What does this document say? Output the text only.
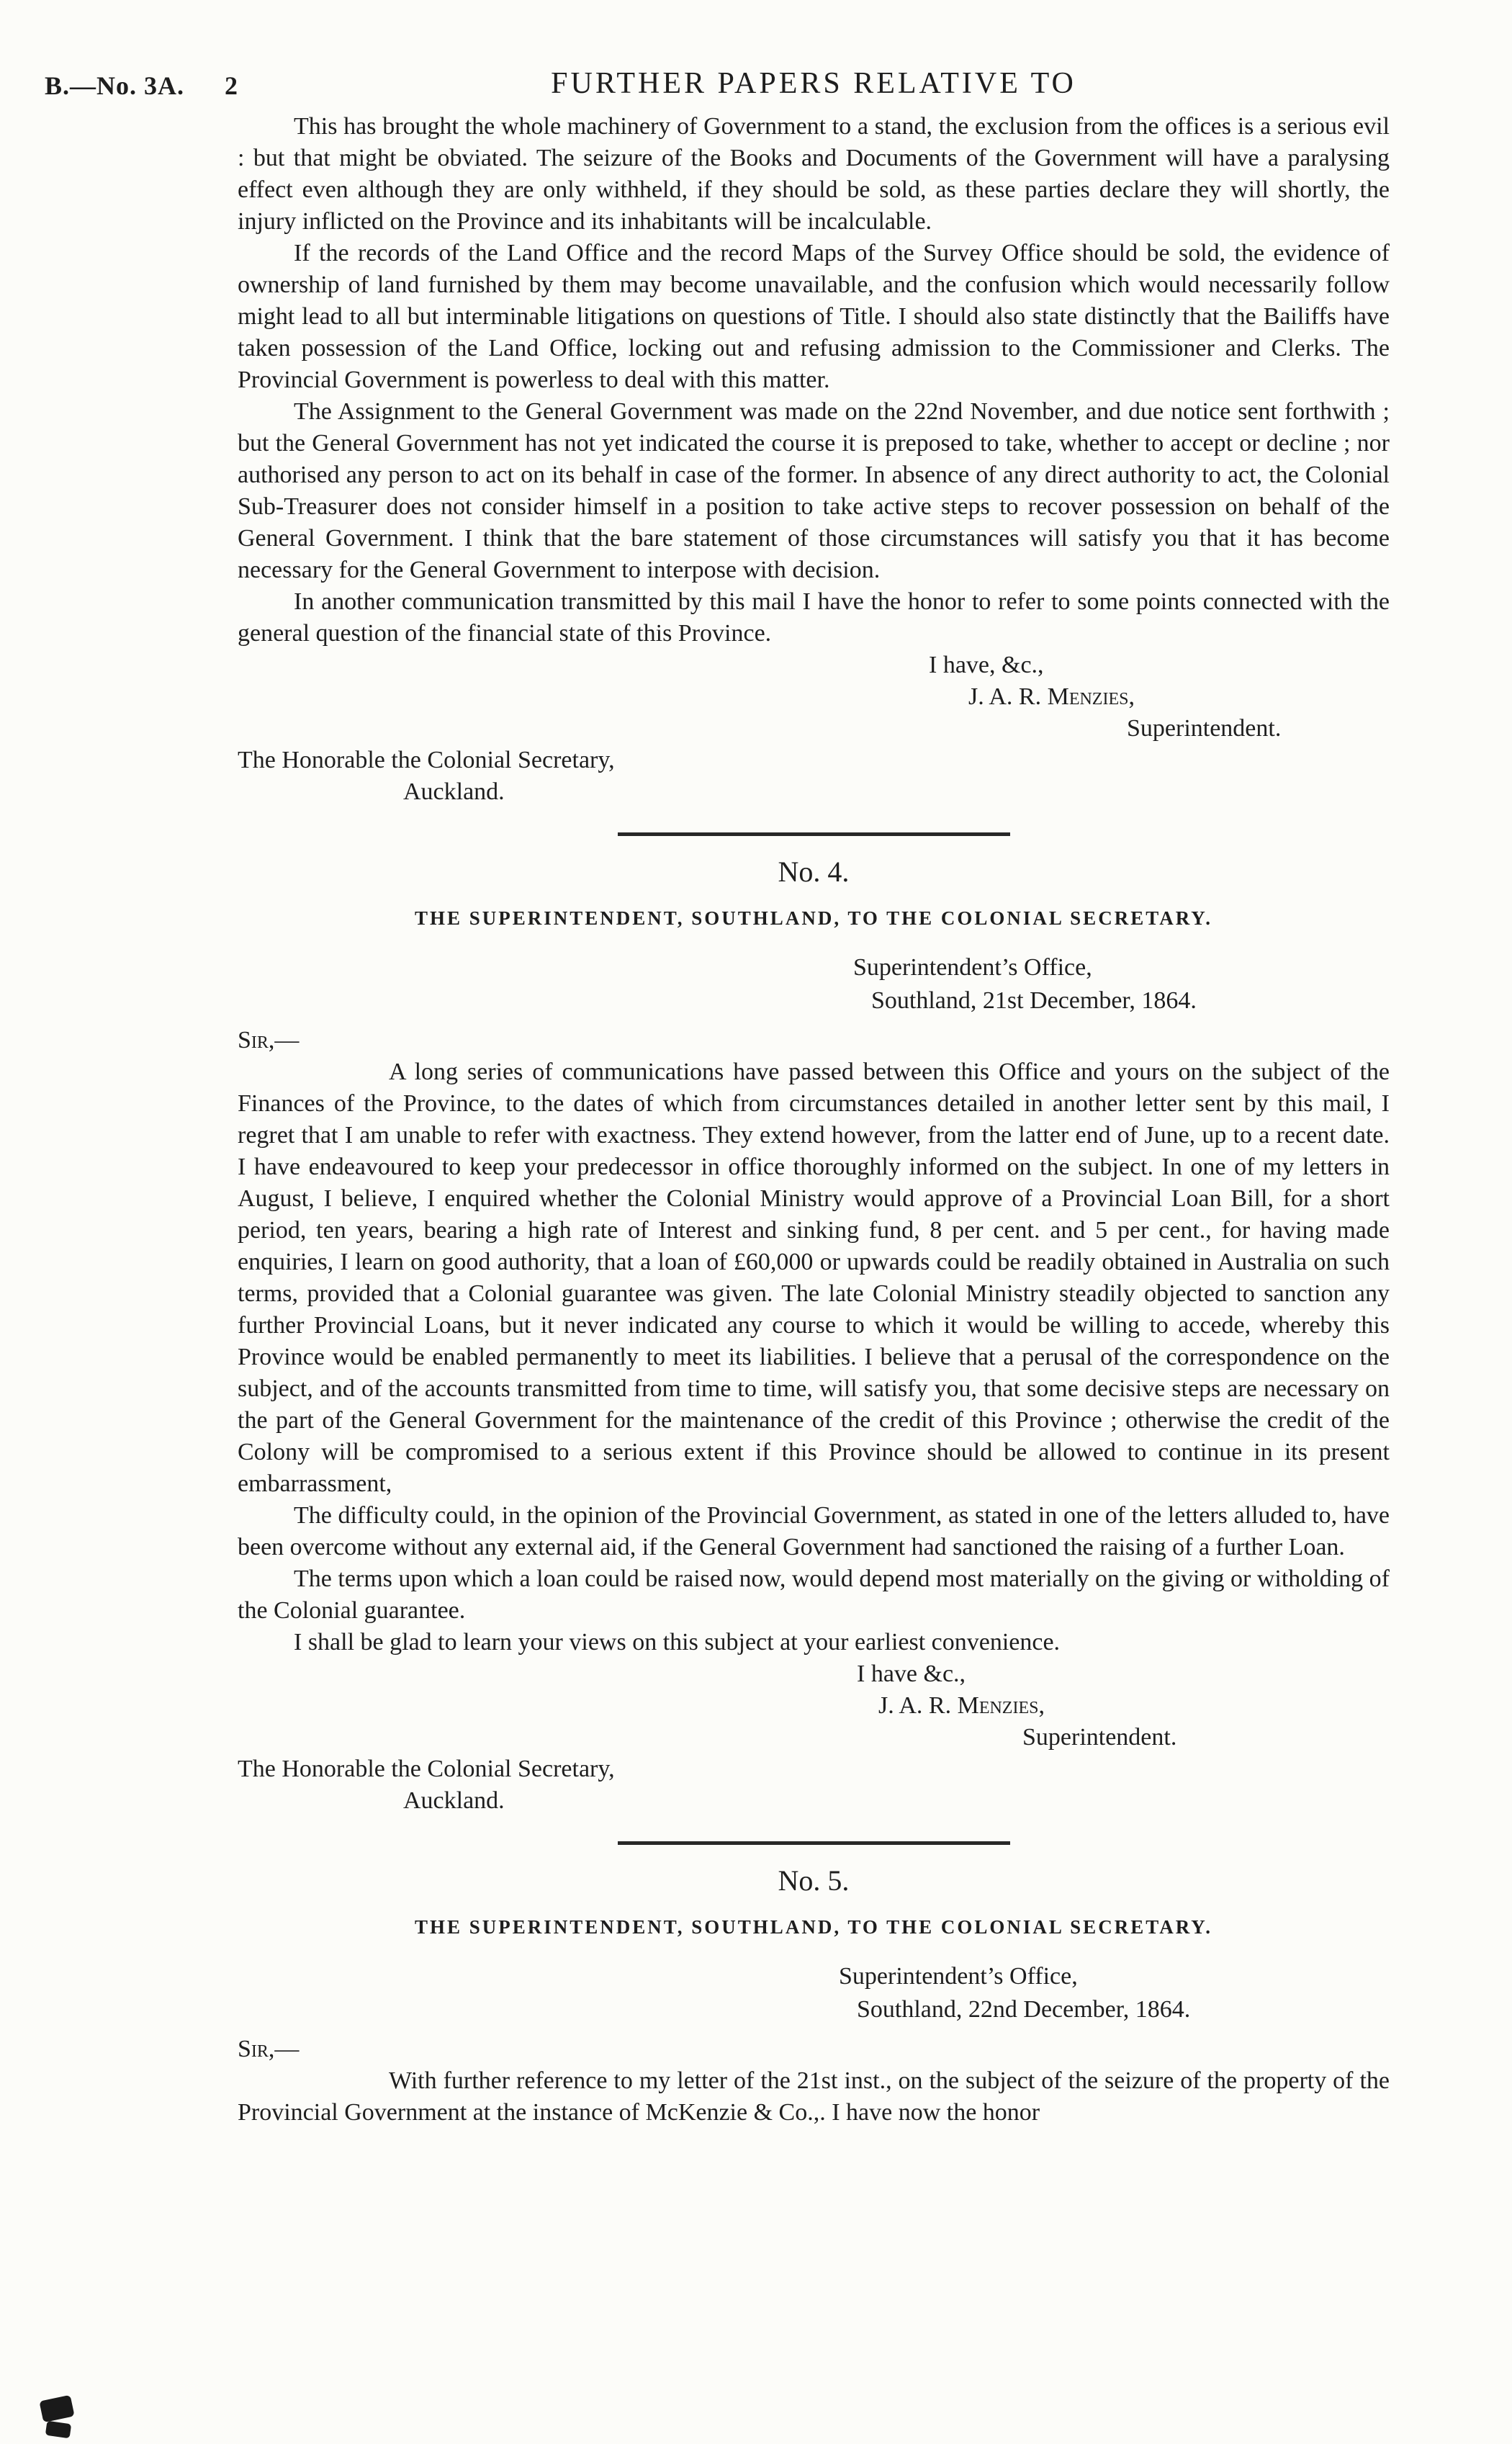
B.—No. 3A. 2	FURTHER PAPERS RELATIVE TO

This has brought the whole machinery of Government to a stand, the exclusion from the offices is a serious evil : but that might be obviated. The seizure of the Books and Documents of the Government will have a paralysing effect even although they are only withheld, if they should be sold, as these parties declare they will shortly, the injury inflicted on the Province and its inhabitants will be incalculable.

If the records of the Land Office and the record Maps of the Survey Office should be sold, the evidence of ownership of land furnished by them may become unavailable, and the confusion which would necessarily follow might lead to all but interminable litigations on questions of Title. I should also state distinctly that the Bailiffs have taken possession of the Land Office, locking out and refusing admission to the Commissioner and Clerks. The Provincial Government is powerless to deal with this matter.

The Assignment to the General Government was made on the 22nd November, and due notice sent forthwith ; but the General Government has not yet indicated the course it is preposed to take, whether to accept or decline ; nor authorised any person to act on its behalf in case of the former. In absence of any direct authority to act, the Colonial Sub-Treasurer does not consider himself in a position to take active steps to recover possession on behalf of the General Government. I think that the bare statement of those circumstances will satisfy you that it has become necessary for the General Government to interpose with decision.

In another communication transmitted by this mail I have the honor to refer to some points connected with the general question of the financial state of this Province.

I have, &c.,
J. A. R. Menzies,
Superintendent.
The Honorable the Colonial Secretary,
Auckland.
No. 4.
THE SUPERINTENDENT, SOUTHLAND, TO THE COLONIAL SECRETARY.
Superintendent’s Office,
Southland, 21st December, 1864.
Sir,—

A long series of communications have passed between this Office and yours on the subject of the Finances of the Province, to the dates of which from circumstances detailed in another letter sent by this mail, I regret that I am unable to refer with exactness. They extend however, from the latter end of June, up to a recent date. I have endeavoured to keep your predecessor in office thoroughly informed on the subject. In one of my letters in August, I believe, I enquired whether the Colonial Ministry would approve of a Provincial Loan Bill, for a short period, ten years, bearing a high rate of Interest and sinking fund, 8 per cent. and 5 per cent., for having made enquiries, I learn on good authority, that a loan of £60,000 or upwards could be readily obtained in Australia on such terms, provided that a Colonial guarantee was given. The late Colonial Ministry steadily objected to sanction any further Provincial Loans, but it never indicated any course to which it would be willing to accede, whereby this Province would be enabled permanently to meet its liabilities. I believe that a perusal of the correspondence on the subject, and of the accounts transmitted from time to time, will satisfy you, that some decisive steps are necessary on the part of the General Government for the maintenance of the credit of this Province ; otherwise the credit of the Colony will be compromised to a serious extent if this Province should be allowed to continue in its present embarrassment,

The difficulty could, in the opinion of the Provincial Government, as stated in one of the letters alluded to, have been overcome without any external aid, if the General Government had sanctioned the raising of a further Loan.

The terms upon which a loan could be raised now, would depend most materially on the giving or witholding of the Colonial guarantee.

I shall be glad to learn your views on this subject at your earliest convenience.

I have &c.,
J. A. R. Menzies,
Superintendent.
The Honorable the Colonial Secretary,
Auckland.
No. 5.
THE SUPERINTENDENT, SOUTHLAND, TO THE COLONIAL SECRETARY.
Superintendent’s Office,
Southland, 22nd December, 1864.
Sir,—

With further reference to my letter of the 21st inst., on the subject of the seizure of the property of the Provincial Government at the instance of McKenzie & Co.,. I have now the honor
